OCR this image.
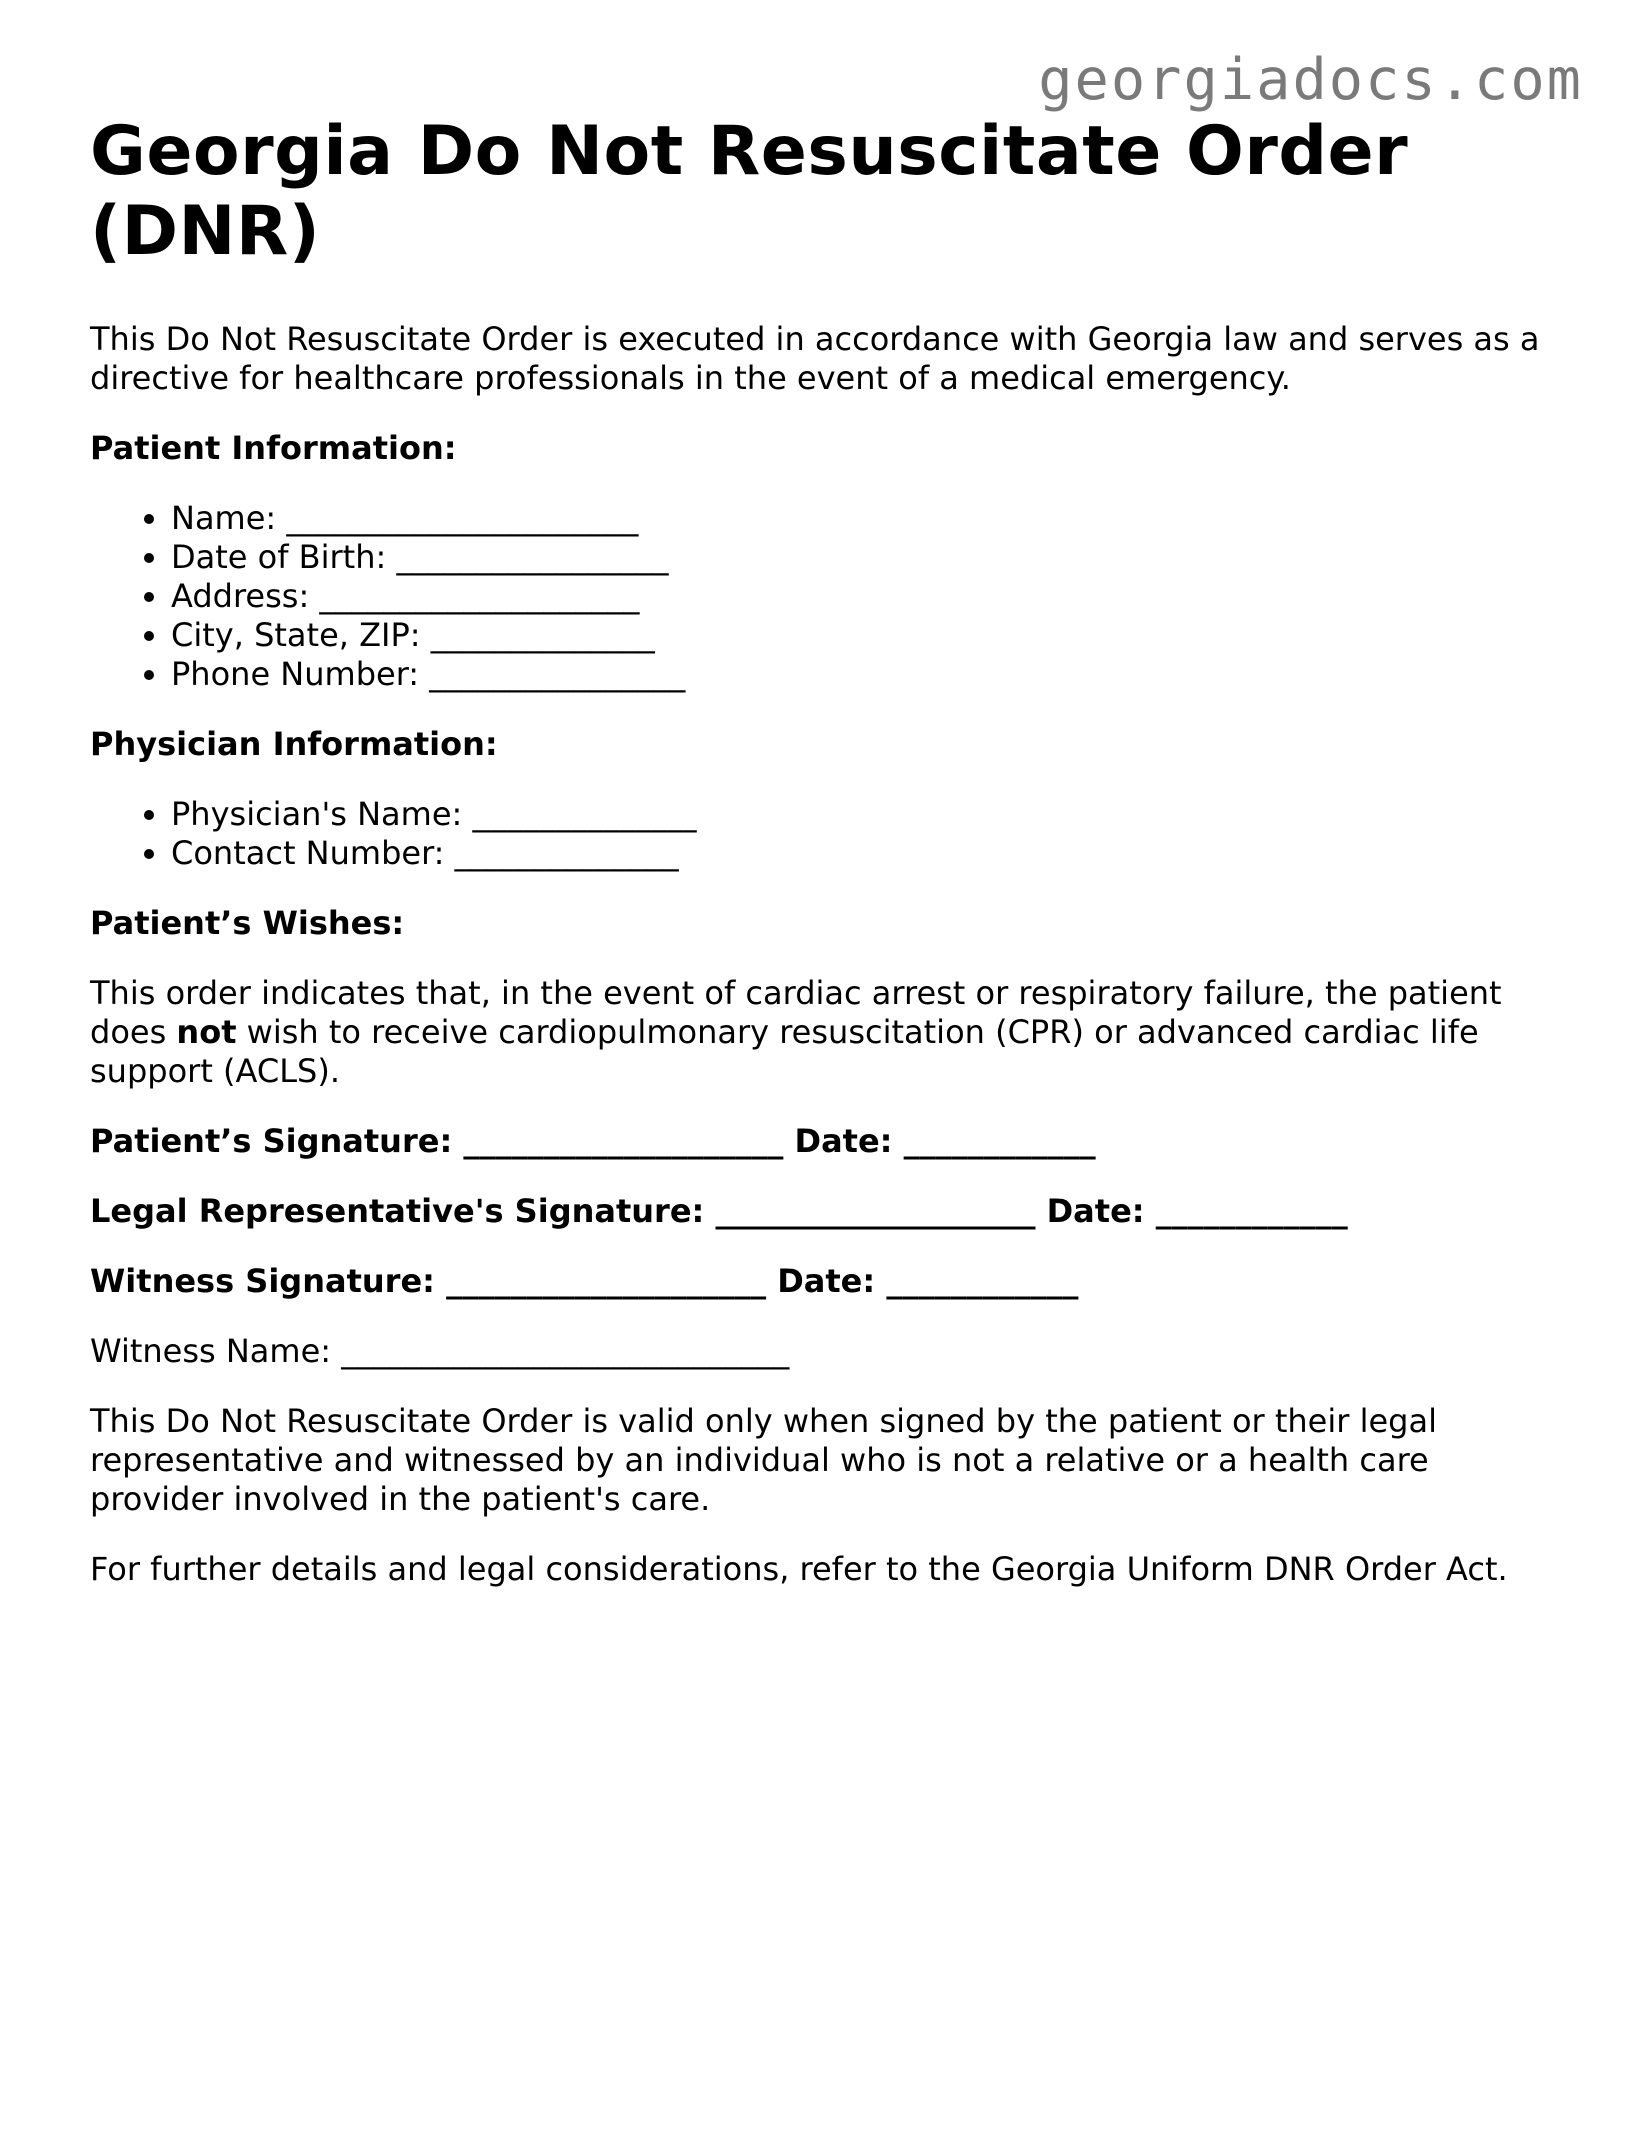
georgiadocs.com
Georgia Do Not Resuscitate Order (DNR)

This Do Not Resuscitate Order is executed in accordance with Georgia law and serves as a directive for healthcare professionals in the event of a medical emergency.

Patient Information:

• Name: ______________________
• Date of Birth: _________________
• Address: ____________________
• City, State, ZIP: ______________
• Phone Number: ________________

Physician Information:

• Physician's Name: ______________
• Contact Number: ______________

Patient’s Wishes:

This order indicates that, in the event of cardiac arrest or respiratory failure, the patient does not wish to receive cardiopulmonary resuscitation (CPR) or advanced cardiac life support (ACLS).

Patient’s Signature: ____________________ Date: ____________

Legal Representative's Signature: ____________________ Date: ____________

Witness Signature: ____________________ Date: ____________

Witness Name: ____________________________

This Do Not Resuscitate Order is valid only when signed by the patient or their legal representative and witnessed by an individual who is not a relative or a health care provider involved in the patient's care.

For further details and legal considerations, refer to the Georgia Uniform DNR Order Act.
